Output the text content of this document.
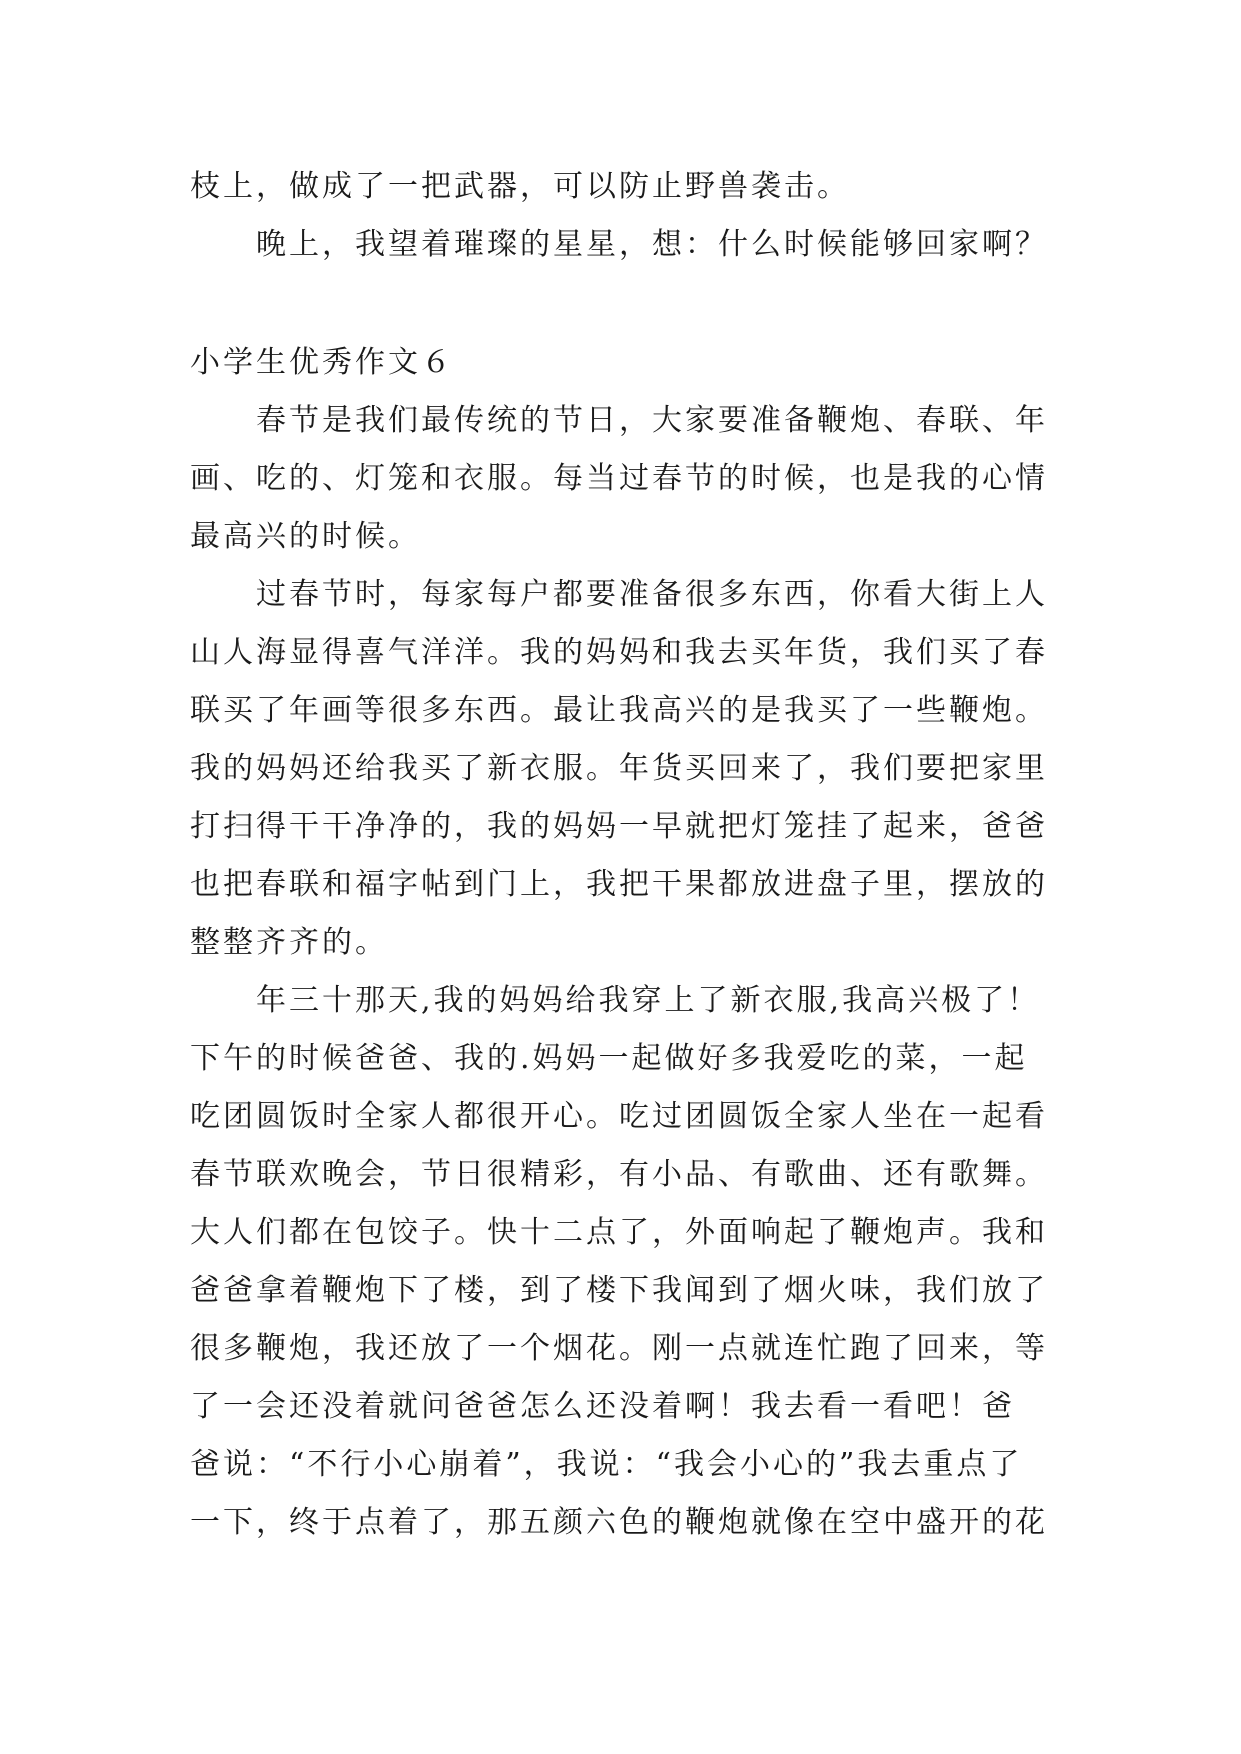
枝上，做成了一把武器，可以防止野兽袭击。
晚上，我望着璀璨的星星，想：什么时候能够回家啊？
小学生优秀作文６
春节是我们最传统的节日，大家要准备鞭炮、春联、年
画、吃的、灯笼和衣服。每当过春节的时候，也是我的心情
最高兴的时候。
过春节时，每家每户都要准备很多东西，你看大街上人
山人海显得喜气洋洋。我的妈妈和我去买年货，我们买了春
联买了年画等很多东西。最让我高兴的是我买了一些鞭炮。
我的妈妈还给我买了新衣服。年货买回来了，我们要把家里
打扫得干干净净的，我的妈妈一早就把灯笼挂了起来，爸爸
也把春联和福字帖到门上，我把干果都放进盘子里，摆放的
整整齐齐的。
年三十那天,我的妈妈给我穿上了新衣服,我高兴极了！
下午的时候爸爸、我的.妈妈一起做好多我爱吃的菜，一起
吃团圆饭时全家人都很开心。吃过团圆饭全家人坐在一起看
春节联欢晚会，节日很精彩，有小品、有歌曲、还有歌舞。
大人们都在包饺子。快十二点了，外面响起了鞭炮声。我和
爸爸拿着鞭炮下了楼，到了楼下我闻到了烟火味，我们放了
很多鞭炮，我还放了一个烟花。刚一点就连忙跑了回来，等
了一会还没着就问爸爸怎么还没着啊！我去看一看吧！爸
爸说：“不行小心崩着”，我说：“我会小心的”我去重点了
一下，终于点着了，那五颜六色的鞭炮就像在空中盛开的花
